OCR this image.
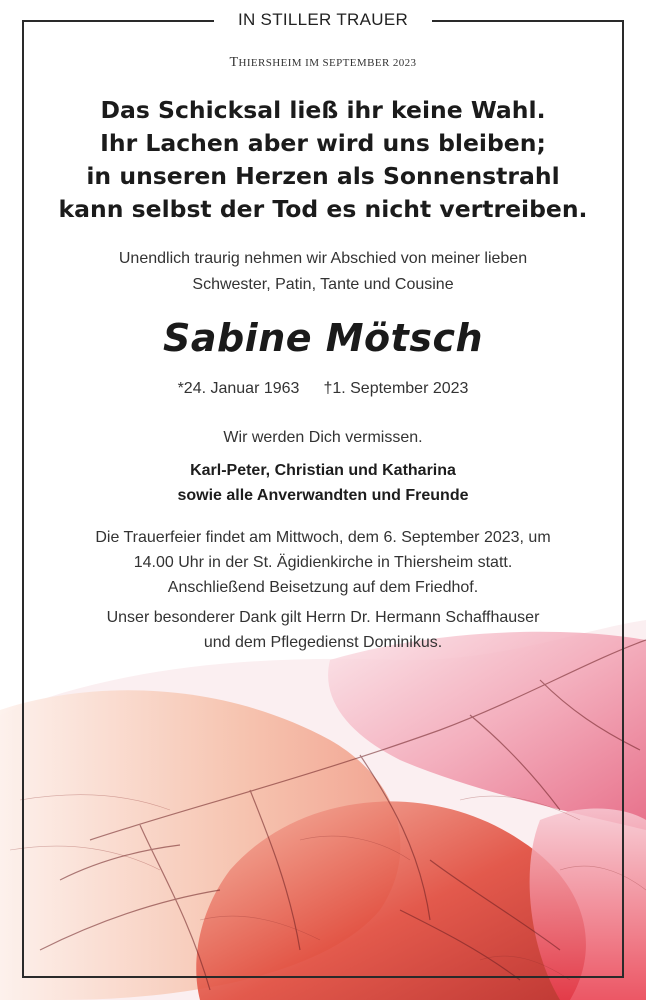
IN STILLER TRAUER
THIERSHEIM IM SEPTEMBER 2023
Das Schicksal ließ ihr keine Wahl.
Ihr Lachen aber wird uns bleiben;
in unseren Herzen als Sonnenstrahl
kann selbst der Tod es nicht vertreiben.
Unendlich traurig nehmen wir Abschied von meiner lieben
Schwester, Patin, Tante und Cousine
Sabine Mötsch
*24. Januar 1963 †1. September 2023
Wir werden Dich vermissen.
Karl-Peter, Christian und Katharina
sowie alle Anverwandten und Freunde
Die Trauerfeier findet am Mittwoch, dem 6. September 2023, um
14.00 Uhr in der St. Ägidienkirche in Thiersheim statt.
Anschließend Beisetzung auf dem Friedhof.
Unser besonderer Dank gilt Herrn Dr. Hermann Schaffhauser
und dem Pflegedienst Dominikus.
